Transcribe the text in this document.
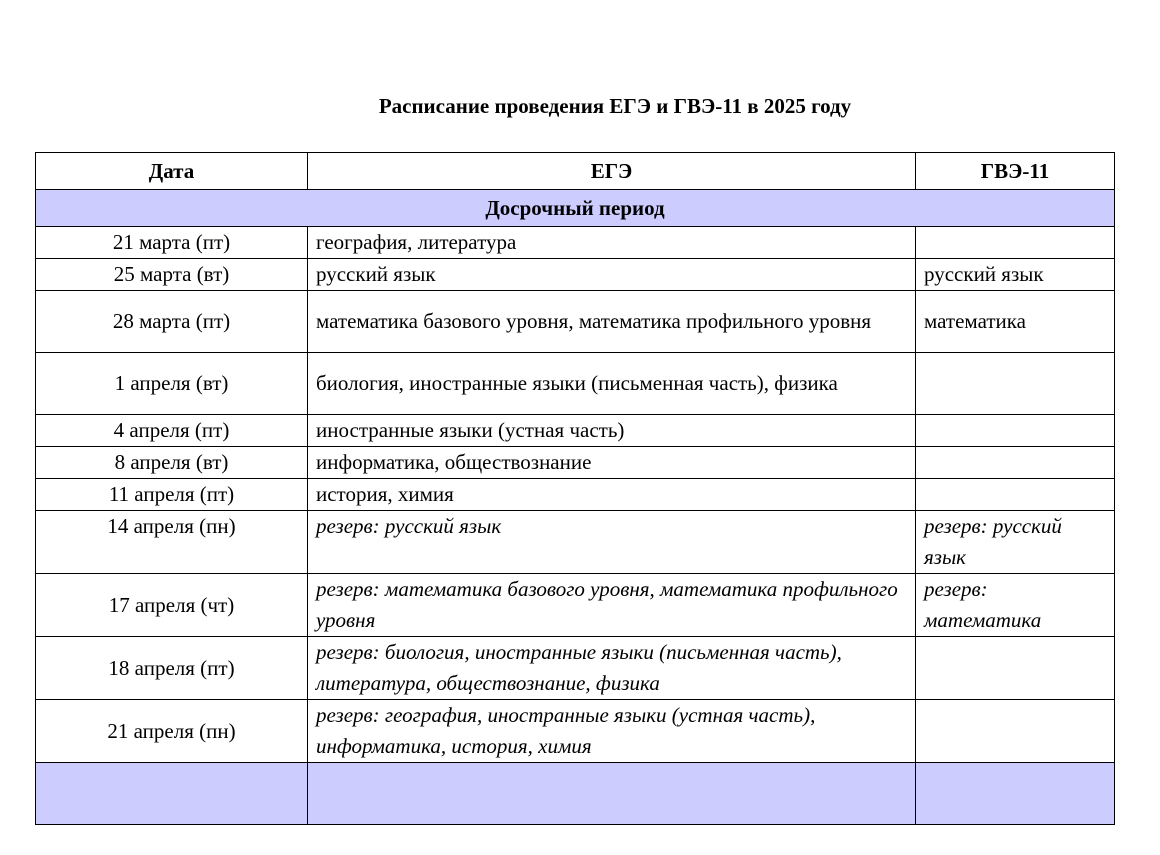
Расписание проведения ЕГЭ и ГВЭ-11 в 2025 году
Дата	ЕГЭ	ГВЭ-11
Досрочный период		
21 марта (пт)	география, литература	
25 марта (вт)	русский язык	русский язык
28 марта (пт)	математика базового уровня, математика профильного уровня	математика
1 апреля (вт)	биология, иностранные языки (письменная часть), физика	
4 апреля (пт)	иностранные языки (устная часть)	
8 апреля (вт)	информатика, обществознание	
11 апреля (пт)	история, химия	
14 апреля (пн)	резерв: русский язык	резерв: русский язык
17 апреля (чт)	резерв: математика базового уровня, математика профильного уровня	резерв: математика
18 апреля (пт)	резерв: биология, иностранные языки (письменная часть), литература, обществознание, физика	
21 апреля (пн)	резерв: география, иностранные языки (устная часть), информатика, история, химия	
